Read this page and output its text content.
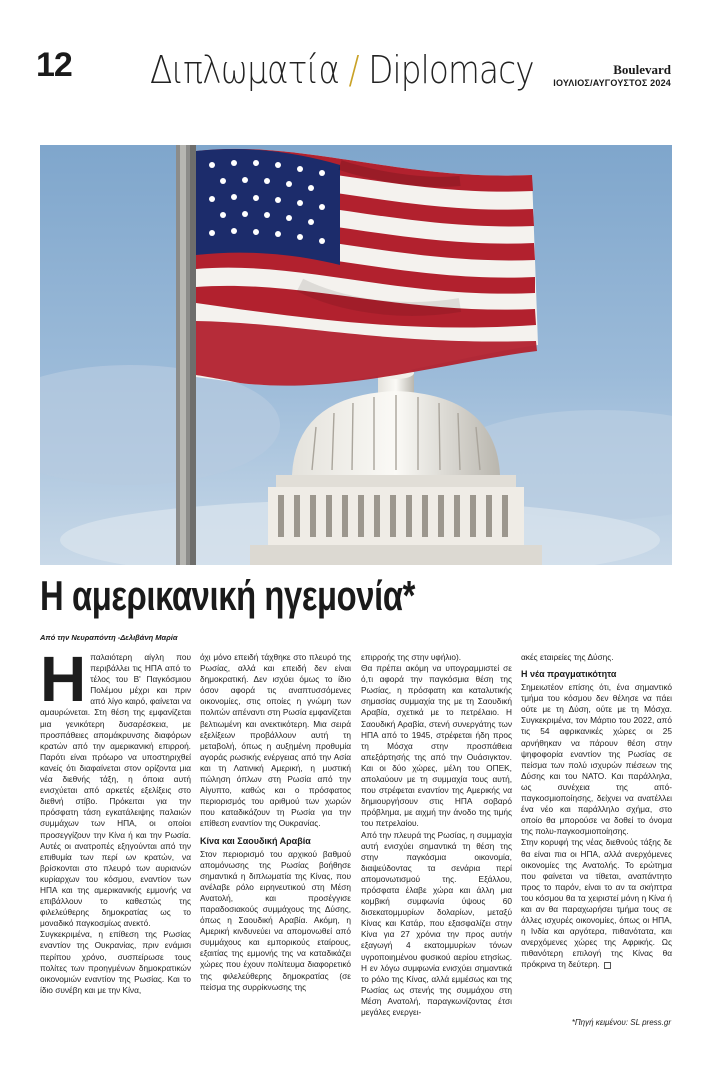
12 Διπλωματία / Diplomacy	Boulevard
ΙΟΥΛΙΟΣ/ΑΥΓΟΥΣΤΟΣ 2024
Η αμερικανική ηγεμονία*
Από την Νευραπόντη -Δελιβάνη Μαρία
Η παλαιότερη αίγλη που περιβάλλει τις ΗΠΑ από το τέλος του Β' Παγκόσμιου Πολέμου μέχρι και πριν από λίγο καιρό, φαίνεται να αμαυρώνεται. Στη θέση της εμφανίζεται μια γενικότερη δυσαρέσκεια, με προσπάθειες απομάκρυνσης διαφόρων κρατών από την αμερικανική επιρροή. Παρότι είναι πρόωρο να υποστηριχθεί κανείς ότι διαφαίνεται στον ορίζοντα μια νέα διεθνής τάξη, η όποια αυτή ενισχύεται από αρκετές εξελίξεις στο διεθνή στίβο. Πρόκειται για την πρόσφατη τάση εγκατάλειψης παλαιών συμμάχων των ΗΠΑ, οι οποίοι προσεγγίζουν την Κίνα ή και την Ρωσία. Αυτές οι ανατροπές εξηγούνται από την επιθυμία των περί ων κρατών, να βρίσκονται στο πλευρό των αυριανών κυρίαρχων του κόσμου, εναντίον των ΗΠΑ και της αμερικανικής εμμονής να επιβάλλουν το καθεστώς της φιλελεύθερης δημοκρατίας ως το μοναδικό παγκοσμίως ανεκτό.

Συγκεκριμένα, η επίθεση της Ρωσίας εναντίον της Ουκρανίας, πριν ενάμισι περίπου χρόνο, συσπείρωσε τους πολίτες των προηγμένων δημοκρατικών οικονομιών εναντίον της Ρωσίας. Και το ίδιο συνέβη και με την Κίνα,

όχι μόνο επειδή τάχθηκε στο πλευρό της Ρωσίας, αλλά και επειδή δεν είναι δημοκρατική. Δεν ισχύει όμως το ίδιο όσον αφορά τις αναπτυσσόμενες οικονομίες, στις οποίες η γνώμη των πολιτών απέναντι στη Ρωσία εμφανίζεται βελτιωμένη και ανεκτικότερη. Μια σειρά εξελίξεων προβάλλουν αυτή τη μεταβολή, όπως η αυξημένη προθυμία αγοράς ρωσικής ενέργειας από την Ασία και τη Λατινική Αμερική, η μυστική πώληση όπλων στη Ρωσία από την Αίγυπτο, καθώς και ο πρόσφατος περιορισμός του αριθμού των χωρών που καταδικάζουν τη Ρωσία για την επίθεση εναντίον της Ουκρανίας.

Κίνα και Σαουδική Αραβία

Στον περιορισμό του αρχικού βαθμού απομόνωσης της Ρωσίας βοήθησε σημαντικά η διπλωματία της Κίνας, που ανέλαβε ρόλο ειρηνευτικού στη Μέση Ανατολή, και προσέγγισε παραδοσιακούς συμμάχους της Δύσης, όπως η Σαουδική Αραβία. Ακόμη, η Αμερική κινδυνεύει να απομονωθεί από συμμάχους και εμπορικούς εταίρους, εξαιτίας της εμμονής της να καταδικάζει χώρες που έχουν πολίτευμα διαφορετικό της φιλελεύθερης δημοκρατίας (σε πείσμα της συρρίκνωσης της

επιρροής της στην υφήλιο).

Θα πρέπει ακόμη να υπογραμμιστεί σε ό,τι αφορά την παγκόσμια θέση της Ρωσίας, η πρόσφατη και καταλυτικής σημασίας συμμαχία της με τη Σαουδική Αραβία, σχετικά με το πετρέλαιο. Η Σαουδική Αραβία, στενή συνεργάτης των ΗΠΑ από το 1945, στρέφεται ήδη προς τη Μόσχα στην προσπάθεια απεξάρτησής της από την Ουάσιγκτον. Και οι δύο χώρες, μέλη του ΟΠΕΚ, απολαύουν με τη συμμαχία τους αυτή, που στρέφεται εναντίον της Αμερικής να δημιουργήσουν στις ΗΠΑ σοβαρό πρόβλημα, με αιχμή την άνοδο της τιμής του πετρελαίου.

Από την πλευρά της Ρωσίας, η συμμαχία αυτή ενισχύει σημαντικά τη θέση της στην παγκόσμια οικονομία, διαψεύδοντας τα σενάρια περί απομονωτισμού της. Εξάλλου, πρόσφατα έλαβε χώρα και άλλη μια κομβική συμφωνία ύψους 60 δισεκατομμυρίων δολαρίων, μεταξύ Κίνας και Κατάρ, που εξασφαλίζει στην Κίνα για 27 χρόνια την προς αυτήν εξαγωγή 4 εκατομμυρίων τόνων υγροποιημένου φυσικού αερίου ετησίως. Η εν λόγω συμφωνία ενισχύει σημαντικά το ρόλο της Κίνας, αλλά εμμέσως και της Ρωσίας ως στενής της συμμάχου στη Μέση Ανατολή, παραγκωνίζοντας έτσι μεγάλες ενεργει-

ακές εταιρείες της Δύσης.

Η νέα πραγματικότητα

Σημειωτέον επίσης ότι, ένα σημαντικό τμήμα του κόσμου δεν θέλησε να πάει ούτε με τη Δύση, ούτε με τη Μόσχα. Συγκεκριμένα, τον Μάρτιο του 2022, από τις 54 αφρικανικές χώρες οι 25 αρνήθηκαν να πάρουν θέση στην ψηφοφορία εναντίον της Ρωσίας σε πείσμα των πολύ ισχυρών πιέσεων της Δύσης και του ΝΑΤΟ. Και παράλληλα, ως συνέχεια της από-παγκοσμιοποίησης, δείχνει να ανατέλλει ένα νέο και παράλληλο σχήμα, στο οποίο θα μπορούσε να δοθεί το όνομα της πολυ-παγκοσμιοποίησης.

Στην κορυφή της νέας διεθνούς τάξης δε θα είναι πια οι ΗΠΑ, αλλά ανερχόμενες οικονομίες της Ανατολής. Το ερώτημα που φαίνεται να τίθεται, αναπάντητο προς το παρόν, είναι το αν τα σκήπτρα του κόσμου θα τα χειριστεί μόνη η Κίνα ή και αν θα παραχωρήσει τμήμα τους σε άλλες ισχυρές οικονομίες, όπως οι ΗΠΑ, η Ινδία και αργότερα, πιθανότατα, και ανερχόμενες χώρες της Αφρικής. Ως πιθανότερη επιλογή της Κίνας θα πρόκρινα τη δεύτερη.

*Πηγή κειμένου: SL press.gr
